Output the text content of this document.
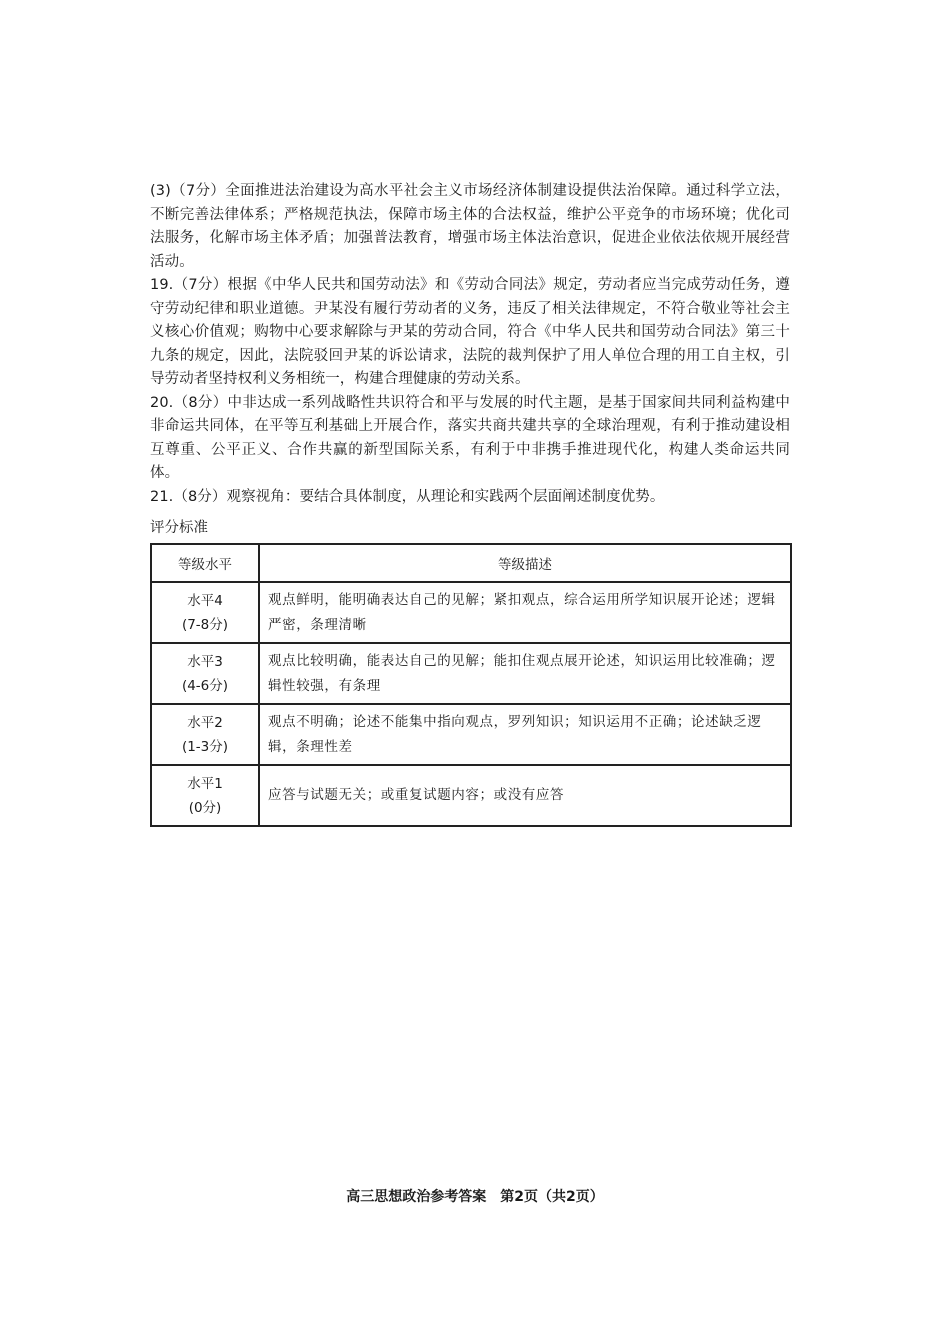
(3)（7分）全面推进法治建设为高水平社会主义市场经济体制建设提供法治保障。通过科学立法，不断完善法律体系；严格规范执法，保障市场主体的合法权益，维护公平竞争的市场环境；优化司法服务，化解市场主体矛盾；加强普法教育，增强市场主体法治意识，促进企业依法依规开展经营活动。

19.（7分）根据《中华人民共和国劳动法》和《劳动合同法》规定，劳动者应当完成劳动任务，遵守劳动纪律和职业道德。尹某没有履行劳动者的义务，违反了相关法律规定，不符合敬业等社会主义核心价值观；购物中心要求解除与尹某的劳动合同，符合《中华人民共和国劳动合同法》第三十九条的规定，因此，法院驳回尹某的诉讼请求，法院的裁判保护了用人单位合理的用工自主权，引导劳动者坚持权利义务相统一，构建合理健康的劳动关系。

20.（8分）中非达成一系列战略性共识符合和平与发展的时代主题，是基于国家间共同利益构建中非命运共同体，在平等互利基础上开展合作，落实共商共建共享的全球治理观，有利于推动建设相互尊重、公平正义、合作共赢的新型国际关系，有利于中非携手推进现代化，构建人类命运共同体。

21.（8分）观察视角：要结合具体制度，从理论和实践两个层面阐述制度优势。

评分标准
等级水平	等级描述

水平4
(7-8分)	观点鲜明，能明确表达自己的见解；紧扣观点，综合运用所学知识展开论述；逻辑严密，条理清晰

水平3
(4-6分)	观点比较明确，能表达自己的见解；能扣住观点展开论述，知识运用比较准确；逻辑性较强，有条理

水平2
(1-3分)	观点不明确；论述不能集中指向观点，罗列知识；知识运用不正确；论述缺乏逻辑，条理性差

水平1
(0分)	应答与试题无关；或重复试题内容；或没有应答
高三思想政治参考答案　第2页（共2页）
